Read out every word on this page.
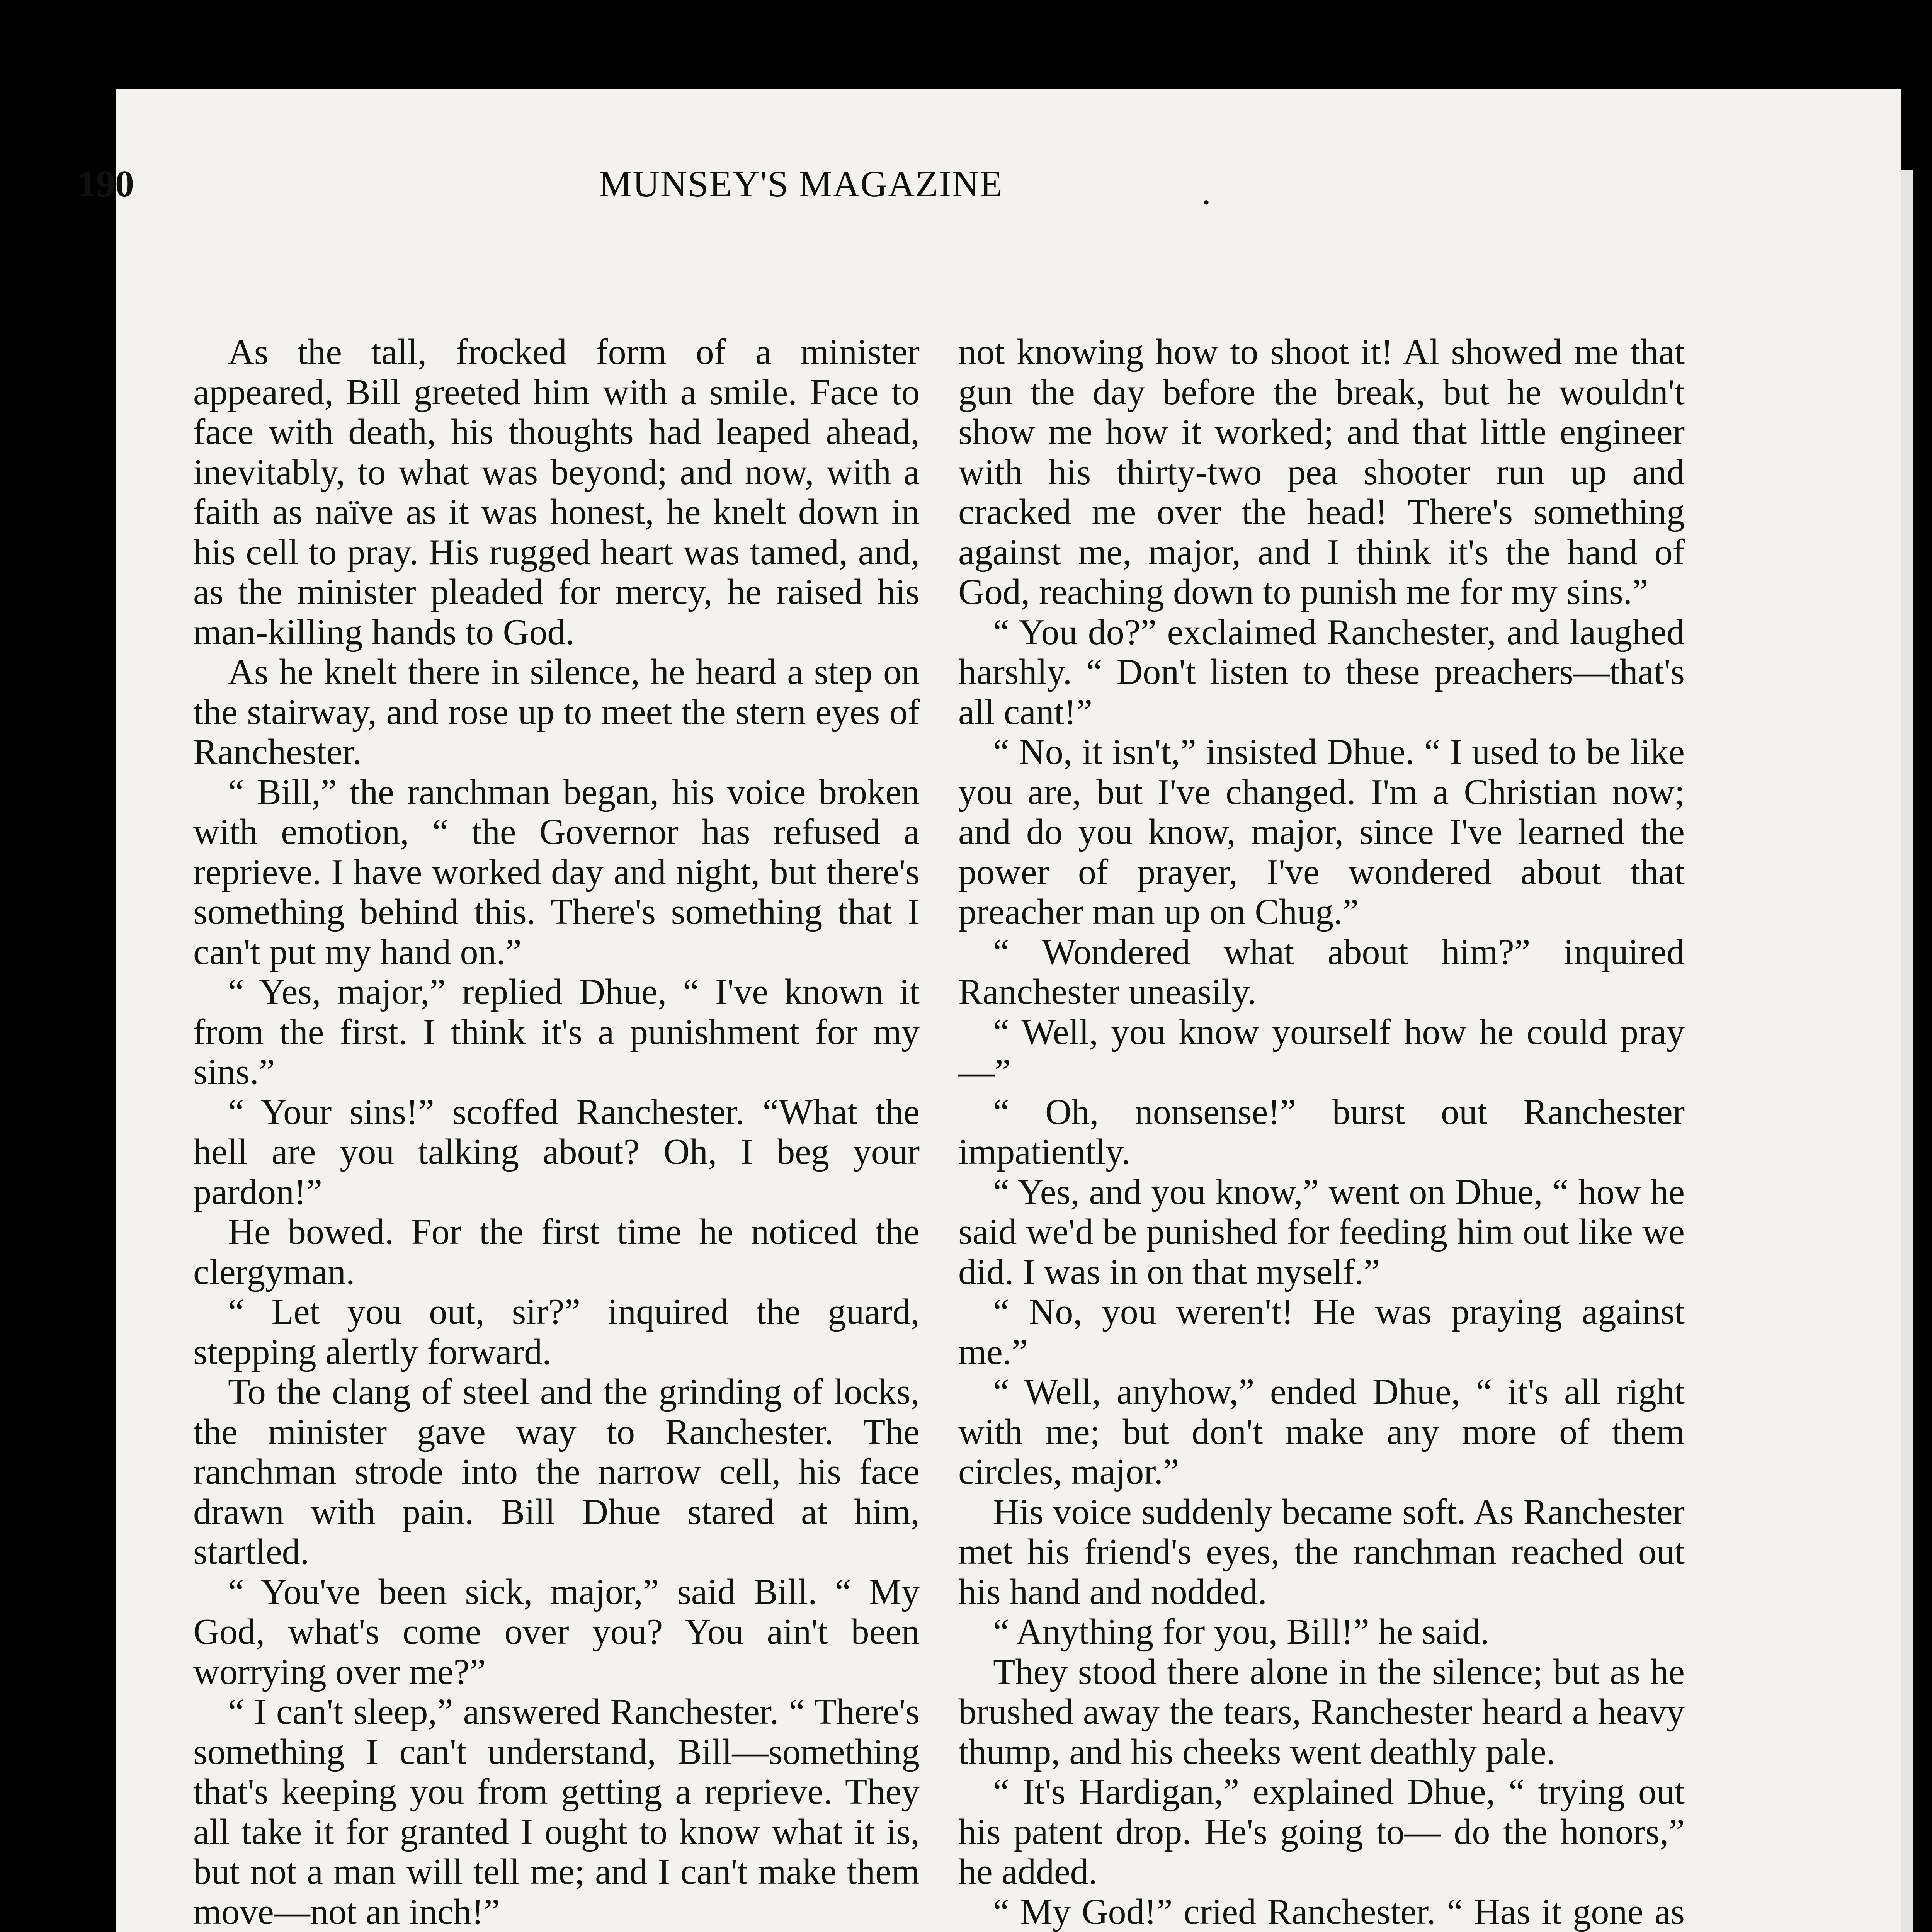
190	MUNSEY'S MAGAZINE	.

As the tall, frocked form of a minister appeared, Bill greeted him with a smile. Face to face with death, his thoughts had leaped ahead, inevitably, to what was beyond; and now, with a faith as naïve as it was honest, he knelt down in his cell to pray. His rugged heart was tamed, and, as the minister pleaded for mercy, he raised his man-killing hands to God.

As he knelt there in silence, he heard a step on the stairway, and rose up to meet the stern eyes of Ranchester.

“ Bill,” the ranchman began, his voice broken with emotion, “ the Governor has refused a reprieve. I have worked day and night, but there's something behind this. There's something that I can't put my hand on.”

“ Yes, major,” replied Dhue, “ I've known it from the first. I think it's a punishment for my sins.”

“ Your sins!” scoffed Ranchester. “What the hell are you talking about? Oh, I beg your pardon!”

He bowed. For the first time he noticed the clergyman.

“ Let you out, sir?” inquired the guard, stepping alertly forward.

To the clang of steel and the grinding of locks, the minister gave way to Ranchester. The ranchman strode into the narrow cell, his face drawn with pain. Bill Dhue stared at him, startled.

“ You've been sick, major,” said Bill. “ My God, what's come over you? You ain't been worrying over me?”

“ I can't sleep,” answered Ranchester. “ There's something I can't understand, Bill—something that's keeping you from getting a reprieve. They all take it for granted I ought to know what it is, but not a man will tell me; and I can't make them move—not an inch!”

not knowing how to shoot it! Al showed me that gun the day before the break, but he wouldn't show me how it worked; and that little engineer with his thirty-two pea shooter run up and cracked me over the head! There's something against me, major, and I think it's the hand of God, reaching down to punish me for my sins.”

“ You do?” exclaimed Ranchester, and laughed harshly. “ Don't listen to these preachers—that's all cant!”

“ No, it isn't,” insisted Dhue. “ I used to be like you are, but I've changed. I'm a Christian now; and do you know, major, since I've learned the power of prayer, I've wondered about that preacher man up on Chug.”

“ Wondered what about him?” inquired Ranchester uneasily.

“ Well, you know yourself how he could pray—”

“ Oh, nonsense!” burst out Ranchester impatiently.

“ Yes, and you know,” went on Dhue, “ how he said we'd be punished for feeding him out like we did. I was in on that myself.”

“ No, you weren't! He was praying against me.”

“ Well, anyhow,” ended Dhue, “ it's all right with me; but don't make any more of them circles, major.”

His voice suddenly became soft. As Ranchester met his friend's eyes, the ranchman reached out his hand and nodded.

“ Anything for you, Bill!” he said.

They stood there alone in the silence; but as he brushed away the tears, Ranchester heard a heavy thump, and his cheeks went deathly pale.

“ It's Hardigan,” explained Dhue, “ trying out his patent drop. He's going to— do the honors,” he added.

“ My God!” cried Ranchester. “ Has it gone as
